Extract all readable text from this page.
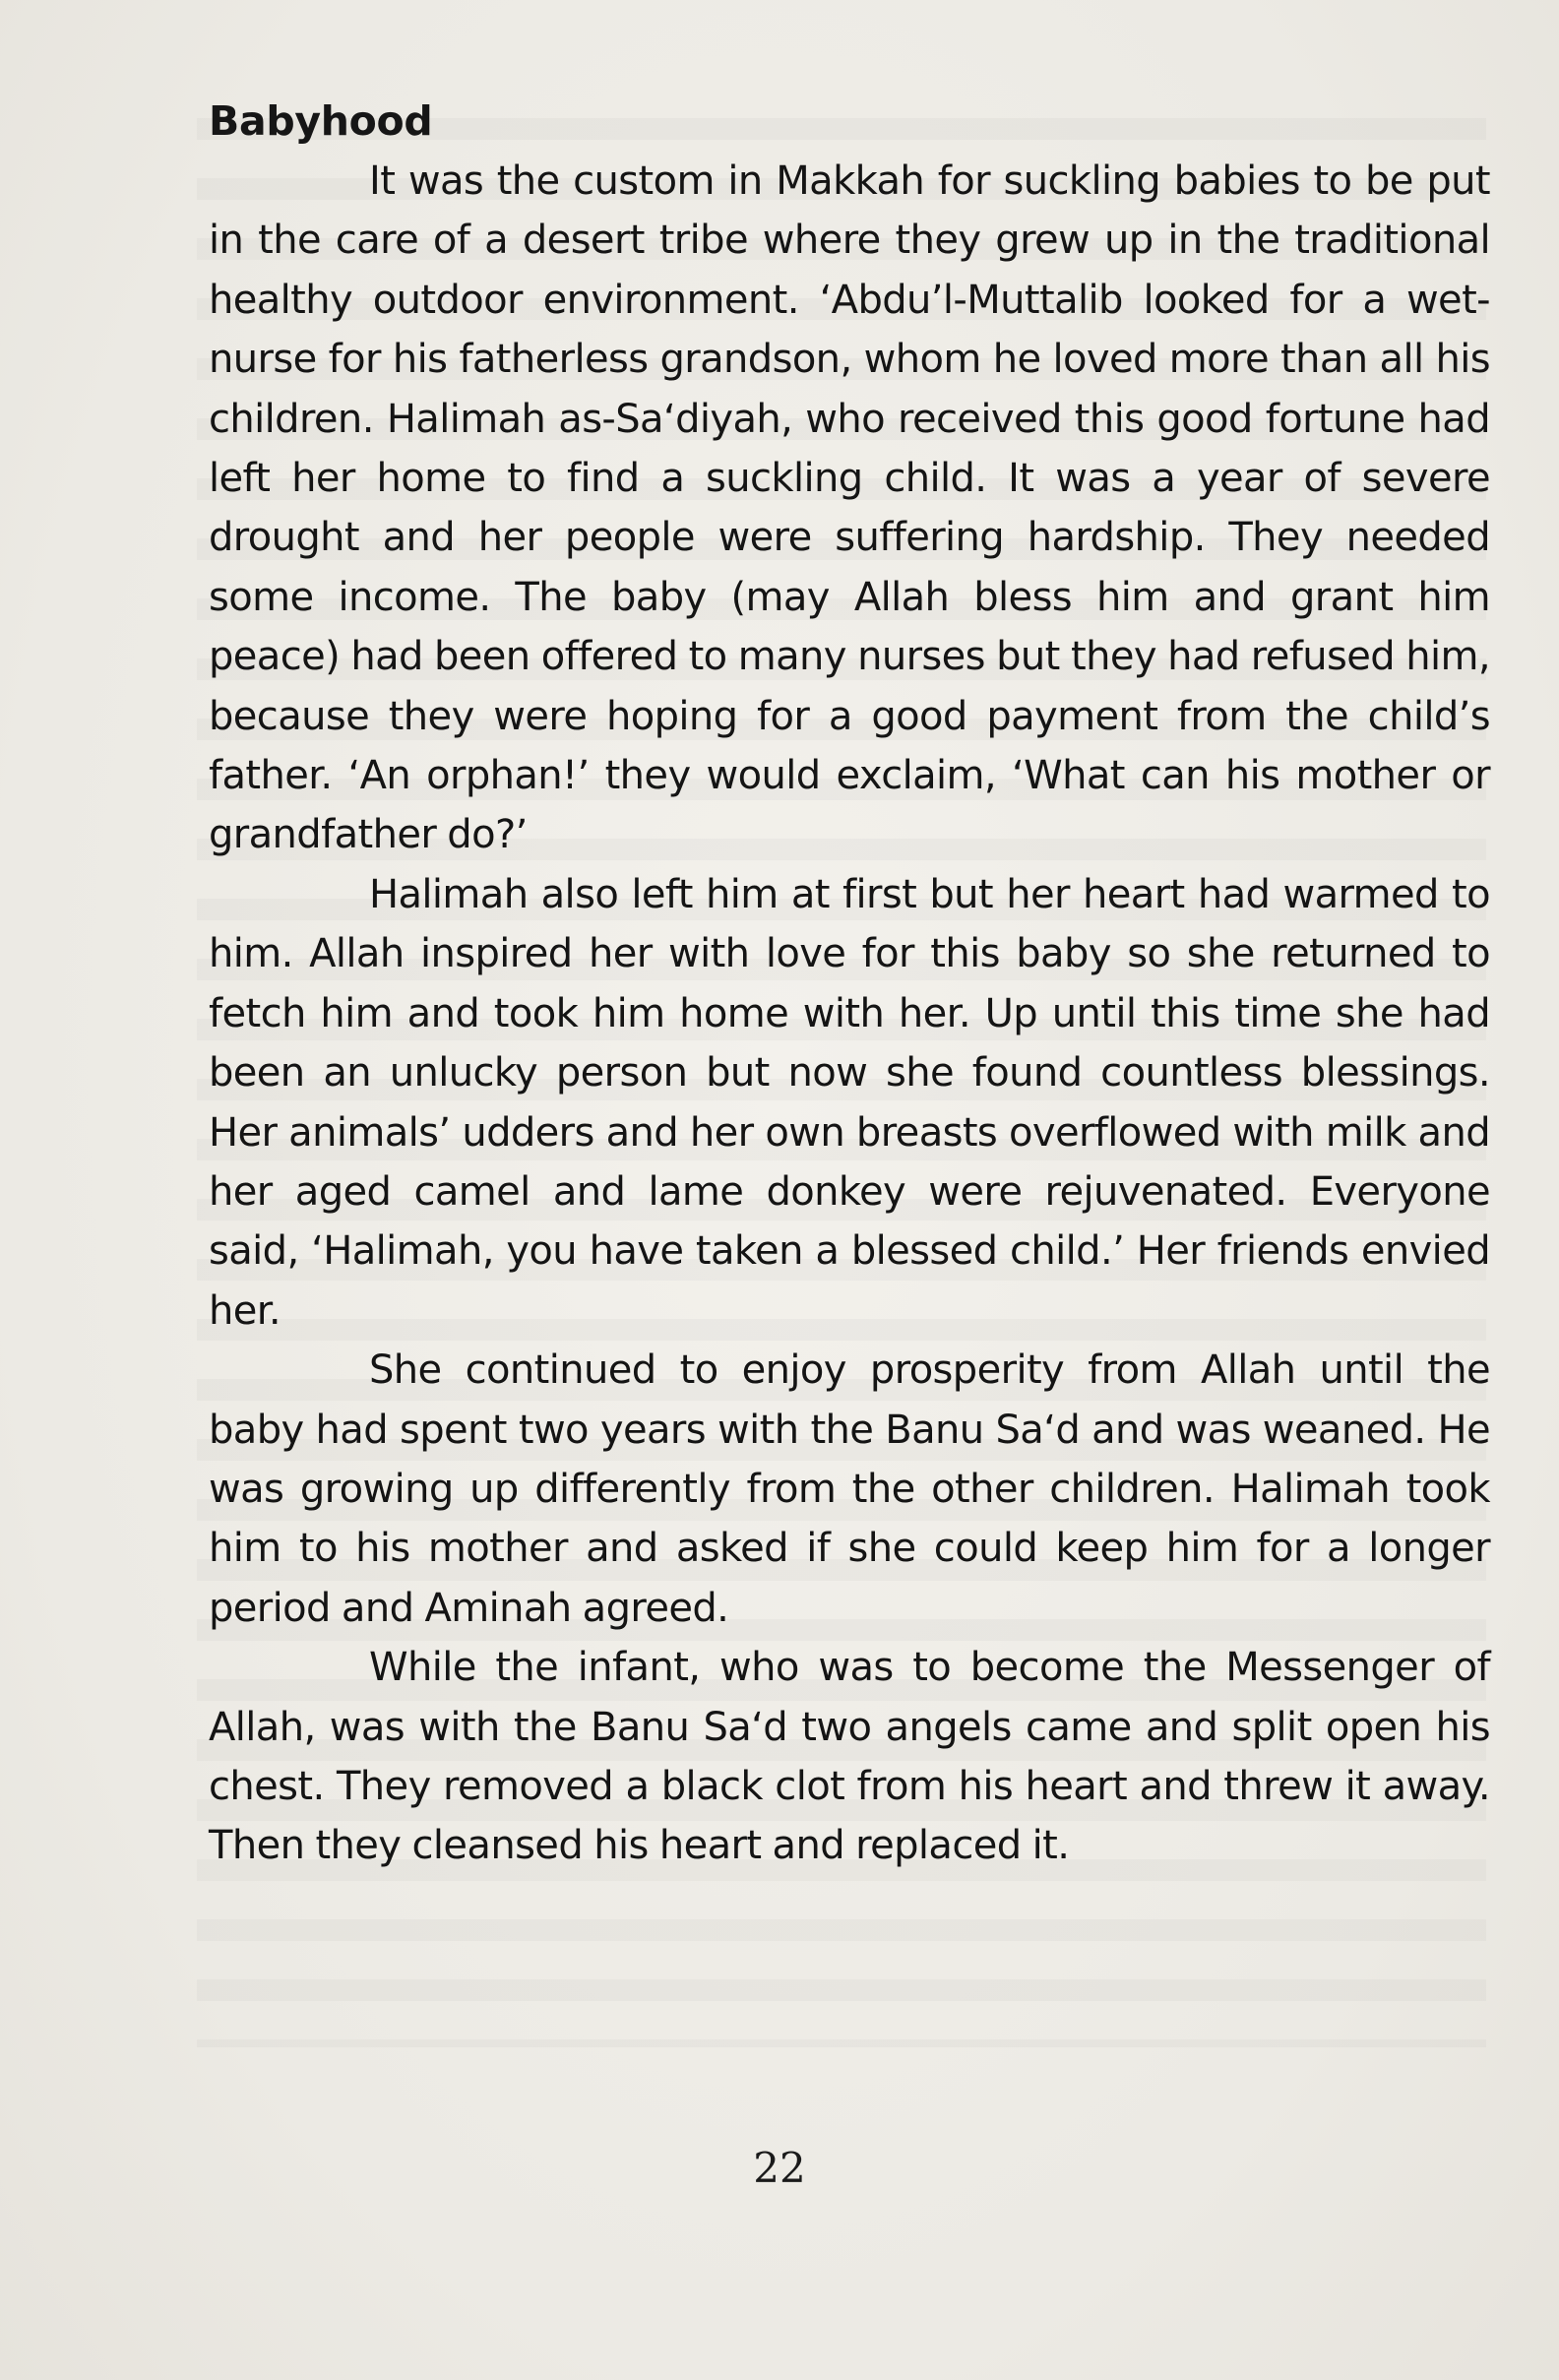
Babyhood

It was the custom in Makkah for suckling babies to be put in the care of a desert tribe where they grew up in the traditional healthy outdoor environment. ‘Abdu’l-Muttalib looked for a wet-nurse for his fatherless grandson, whom he loved more than all his children. Halimah as-Sa‘diyah, who received this good fortune had left her home to find a suckling child. It was a year of severe drought and her people were suffering hardship. They needed some income. The baby (may Allah bless him and grant him peace) had been offered to many nurses but they had refused him, because they were hoping for a good payment from the child’s father. ‘An orphan!’ they would exclaim, ‘What can his mother or grandfather do?’

Halimah also left him at first but her heart had warmed to him. Allah inspired her with love for this baby so she returned to fetch him and took him home with her. Up until this time she had been an unlucky person but now she found countless blessings. Her animals’ udders and her own breasts overflowed with milk and her aged camel and lame donkey were rejuvenated. Everyone said, ‘Halimah, you have taken a blessed child.’ Her friends envied her.

She continued to enjoy prosperity from Allah until the baby had spent two years with the Banu Sa‘d and was weaned. He was growing up differently from the other children. Halimah took him to his mother and asked if she could keep him for a longer period and Aminah agreed.

While the infant, who was to become the Messenger of Allah, was with the Banu Sa‘d two angels came and split open his chest. They removed a black clot from his heart and threw it away. Then they cleansed his heart and replaced it.

22
